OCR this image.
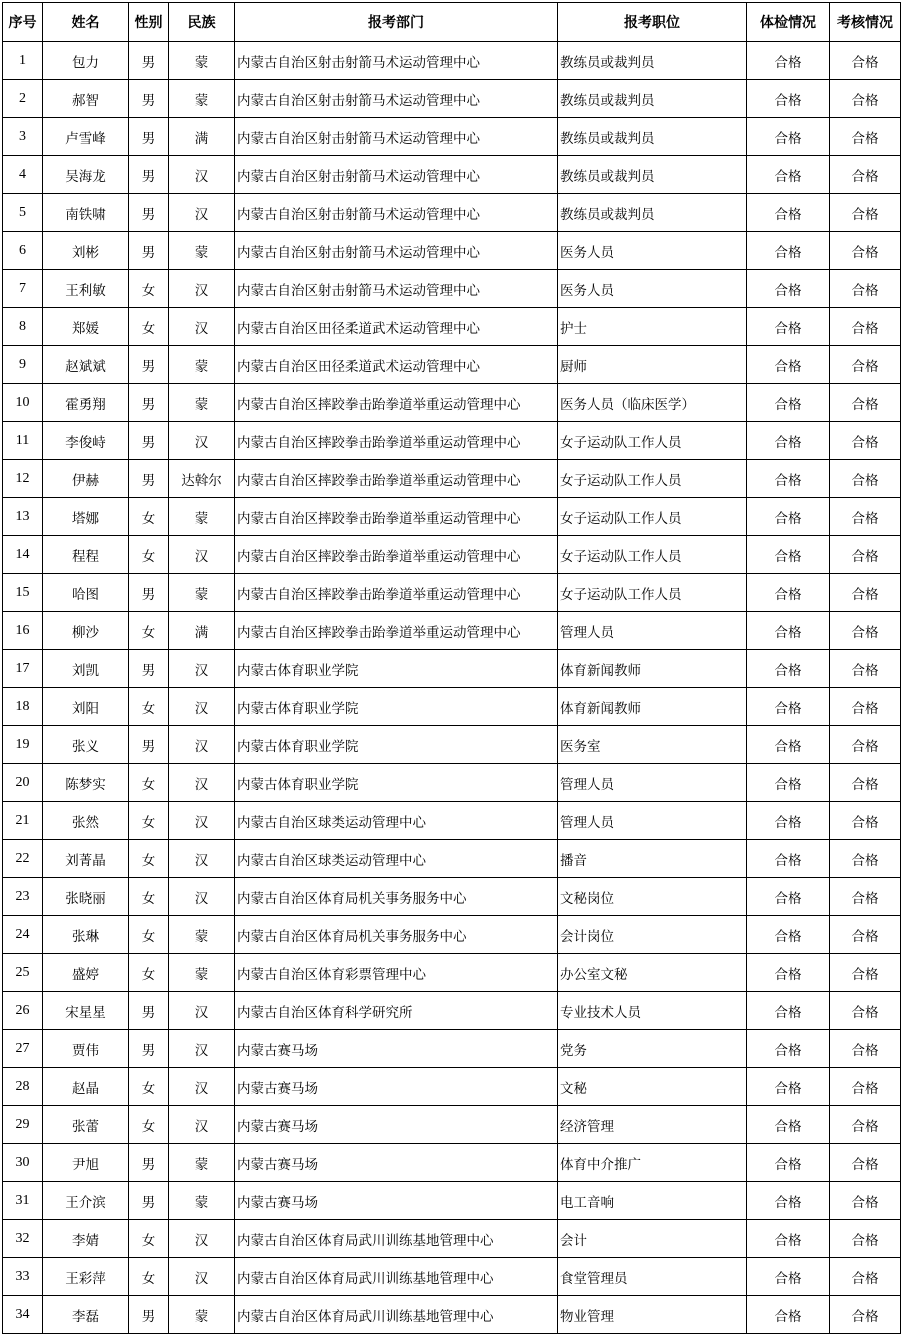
序号	姓名	性别	民族	报考部门	报考职位	体检情况	考核情况
1	包力	男	蒙	内蒙古自治区射击射箭马术运动管理中心	教练员或裁判员	合格	合格
2	郝智	男	蒙	内蒙古自治区射击射箭马术运动管理中心	教练员或裁判员	合格	合格
3	卢雪峰	男	满	内蒙古自治区射击射箭马术运动管理中心	教练员或裁判员	合格	合格
4	吴海龙	男	汉	内蒙古自治区射击射箭马术运动管理中心	教练员或裁判员	合格	合格
5	南铁啸	男	汉	内蒙古自治区射击射箭马术运动管理中心	教练员或裁判员	合格	合格
6	刘彬	男	蒙	内蒙古自治区射击射箭马术运动管理中心	医务人员	合格	合格
7	王利敏	女	汉	内蒙古自治区射击射箭马术运动管理中心	医务人员	合格	合格
8	郑媛	女	汉	内蒙古自治区田径柔道武术运动管理中心	护士	合格	合格
9	赵斌斌	男	蒙	内蒙古自治区田径柔道武术运动管理中心	厨师	合格	合格
10	霍勇翔	男	蒙	内蒙古自治区摔跤拳击跆拳道举重运动管理中心	医务人员（临床医学）	合格	合格
11	李俊峙	男	汉	内蒙古自治区摔跤拳击跆拳道举重运动管理中心	女子运动队工作人员	合格	合格
12	伊赫	男	达斡尔	内蒙古自治区摔跤拳击跆拳道举重运动管理中心	女子运动队工作人员	合格	合格
13	塔娜	女	蒙	内蒙古自治区摔跤拳击跆拳道举重运动管理中心	女子运动队工作人员	合格	合格
14	程程	女	汉	内蒙古自治区摔跤拳击跆拳道举重运动管理中心	女子运动队工作人员	合格	合格
15	哈图	男	蒙	内蒙古自治区摔跤拳击跆拳道举重运动管理中心	女子运动队工作人员	合格	合格
16	柳沙	女	满	内蒙古自治区摔跤拳击跆拳道举重运动管理中心	管理人员	合格	合格
17	刘凯	男	汉	内蒙古体育职业学院	体育新闻教师	合格	合格
18	刘阳	女	汉	内蒙古体育职业学院	体育新闻教师	合格	合格
19	张义	男	汉	内蒙古体育职业学院	医务室	合格	合格
20	陈梦实	女	汉	内蒙古体育职业学院	管理人员	合格	合格
21	张然	女	汉	内蒙古自治区球类运动管理中心	管理人员	合格	合格
22	刘菁晶	女	汉	内蒙古自治区球类运动管理中心	播音	合格	合格
23	张晓丽	女	汉	内蒙古自治区体育局机关事务服务中心	文秘岗位	合格	合格
24	张琳	女	蒙	内蒙古自治区体育局机关事务服务中心	会计岗位	合格	合格
25	盛婷	女	蒙	内蒙古自治区体育彩票管理中心	办公室文秘	合格	合格
26	宋星星	男	汉	内蒙古自治区体育科学研究所	专业技术人员	合格	合格
27	贾伟	男	汉	内蒙古赛马场	党务	合格	合格
28	赵晶	女	汉	内蒙古赛马场	文秘	合格	合格
29	张蕾	女	汉	内蒙古赛马场	经济管理	合格	合格
30	尹旭	男	蒙	内蒙古赛马场	体育中介推广	合格	合格
31	王介滨	男	蒙	内蒙古赛马场	电工音响	合格	合格
32	李婧	女	汉	内蒙古自治区体育局武川训练基地管理中心	会计	合格	合格
33	王彩萍	女	汉	内蒙古自治区体育局武川训练基地管理中心	食堂管理员	合格	合格
34	李磊	男	蒙	内蒙古自治区体育局武川训练基地管理中心	物业管理	合格	合格
